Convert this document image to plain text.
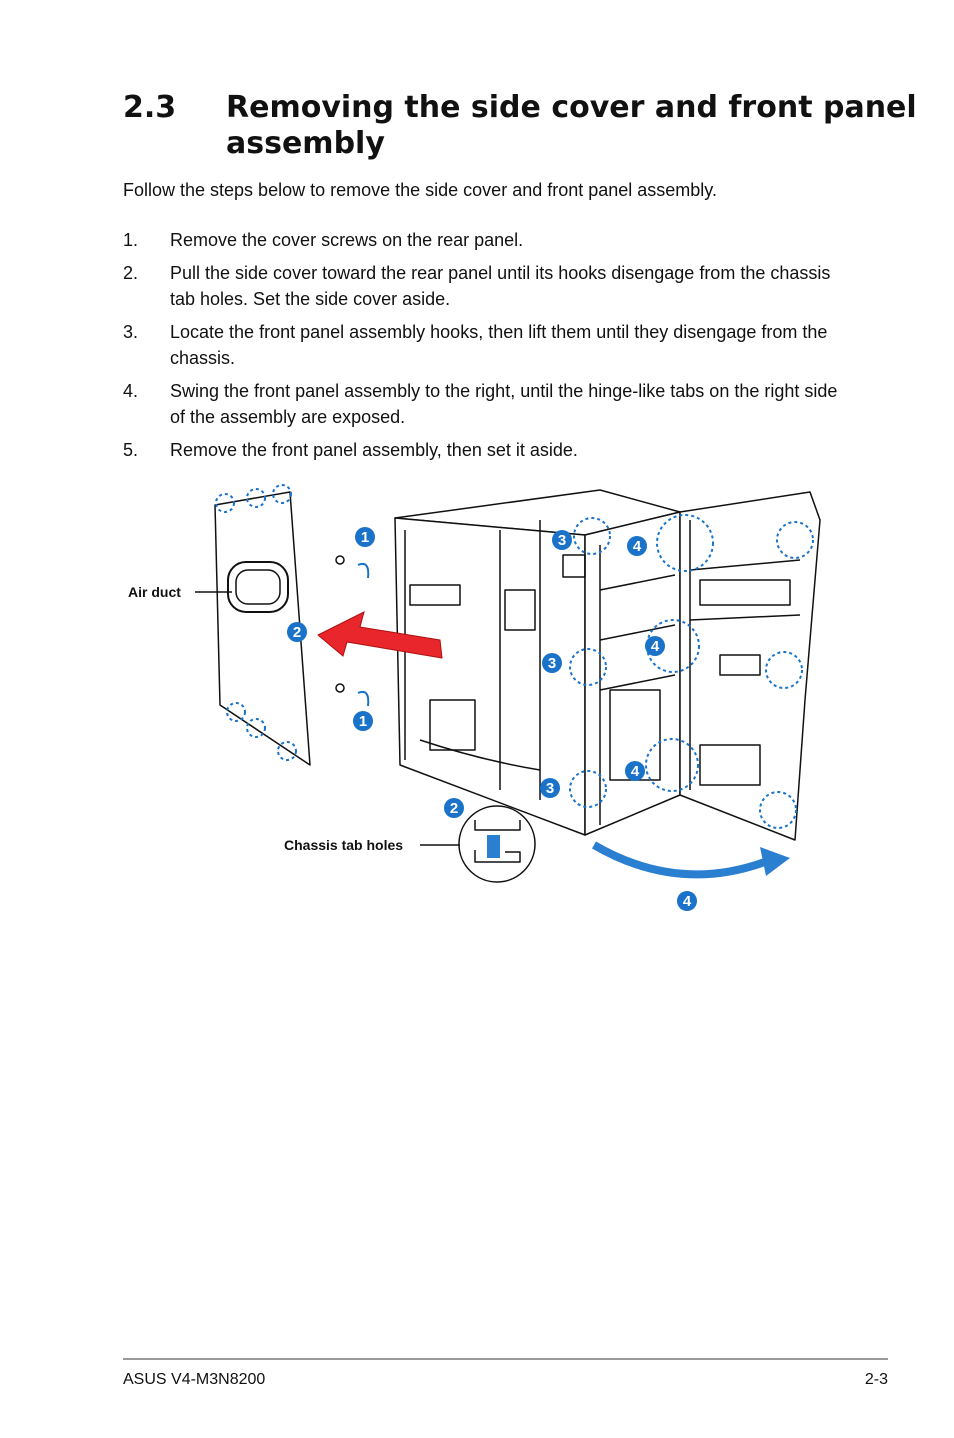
2.3 Removing the side cover and front panel assembly

Follow the steps below to remove the side cover and front panel assembly.

1. Remove the cover screws on the rear panel.
2. Pull the side cover toward the rear panel until its hooks disengage from the chassis tab holes. Set the side cover aside.
3. Locate the front panel assembly hooks, then lift them until they disengage from the chassis.
4. Swing the front panel assembly to the right, until the hinge-like tabs on the right side of the assembly are exposed.
5. Remove the front panel assembly, then set it aside.
1
1
2
2
3
3
3
4
4
4
4
Air duct
Chassis tab holes
ASUS V4-M3N8200	2-3
